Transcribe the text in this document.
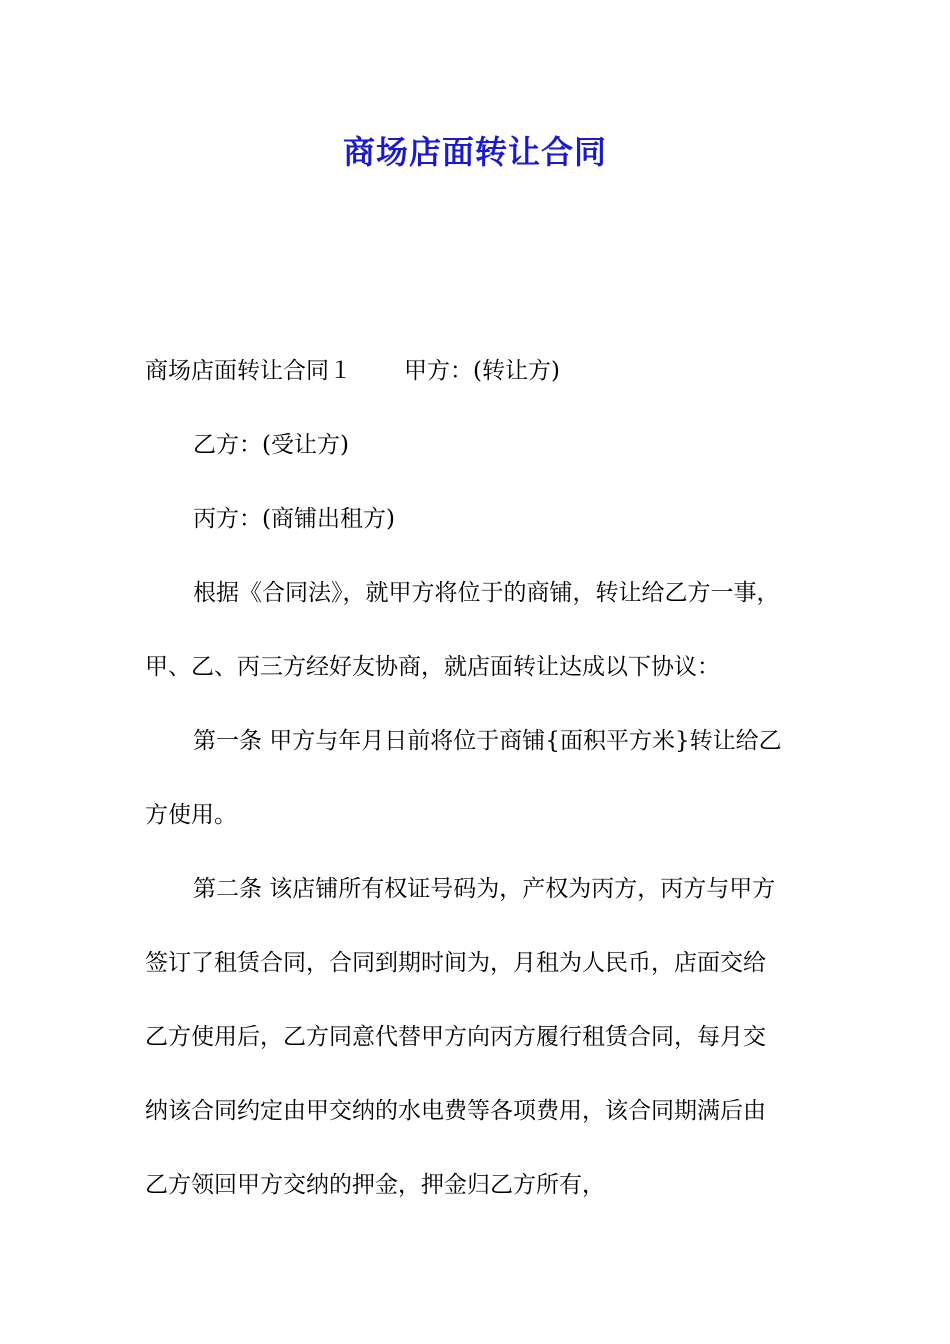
商场店面转让合同
商场店面转让合同１ 甲方：(转让方)
乙方：(受让方)
丙方：(商铺出租方)
根据《合同法》，就甲方将位于的商铺，转让给乙方一事，
甲、乙、丙三方经好友协商，就店面转让达成以下协议：
第一条 甲方与年月日前将位于商铺{面积平方米}转让给乙
方使用。
第二条 该店铺所有权证号码为，产权为丙方，丙方与甲方
签订了租赁合同，合同到期时间为，月租为人民币，店面交给
乙方使用后，乙方同意代替甲方向丙方履行租赁合同，每月交
纳该合同约定由甲交纳的水电费等各项费用，该合同期满后由
乙方领回甲方交纳的押金，押金归乙方所有，
